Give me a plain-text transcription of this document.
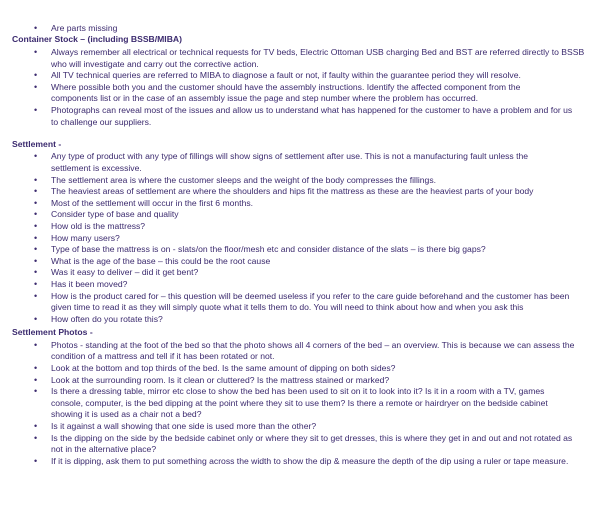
• Are parts missing
Container Stock – (including BSSB/MIBA)
• Always remember all electrical or technical requests for TV beds, Electric Ottoman USB charging Bed and BST are referred directly to BSSB
who will investigate and carry out the corrective action.
• All TV technical queries are referred to MIBA to diagnose a fault or not, if faulty within the guarantee period they will resolve.
• Where possible both you and the customer should have the assembly instructions. Identify the affected component from the
components list or in the case of an assembly issue the page and step number where the problem has occurred.
• Photographs can reveal most of the issues and allow us to understand what has happened for the customer to have a problem and for us
to challenge our suppliers.
Settlement -
• Any type of product with any type of fillings will show signs of settlement after use. This is not a manufacturing fault unless the
settlement is excessive.
• The settlement area is where the customer sleeps and the weight of the body compresses the fillings.
• The heaviest areas of settlement are where the shoulders and hips fit the mattress as these are the heaviest parts of your body
• Most of the settlement will occur in the first 6 months.
• Consider type of base and quality
• How old is the mattress?
• How many users?
• Type of base the mattress is on - slats/on the floor/mesh etc and consider distance of the slats – is there big gaps?
• What is the age of the base – this could be the root cause
• Was it easy to deliver – did it get bent?
• Has it been moved?
• How is the product cared for – this question will be deemed useless if you refer to the care guide beforehand and the customer has been
given time to read it as they will simply quote what it tells them to do. You will need to think about how and when you ask this
• How often do you rotate this?
Settlement Photos -
• Photos - standing at the foot of the bed so that the photo shows all 4 corners of the bed – an overview. This is because we can assess the
condition of a mattress and tell if it has been rotated or not.
• Look at the bottom and top thirds of the bed. Is the same amount of dipping on both sides?
• Look at the surrounding room. Is it clean or cluttered? Is the mattress stained or marked?
• Is there a dressing table, mirror etc close to show the bed has been used to sit on it to look into it? Is it in a room with a TV, games
console, computer, is the bed dipping at the point where they sit to use them? Is there a remote or hairdryer on the bedside cabinet
showing it is used as a chair not a bed?
• Is it against a wall showing that one side is used more than the other?
• Is the dipping on the side by the bedside cabinet only or where they sit to get dresses, this is where they get in and out and not rotated as
not in the alternative place?
• If it is dipping, ask them to put something across the width to show the dip & measure the depth of the dip using a ruler or tape measure.
